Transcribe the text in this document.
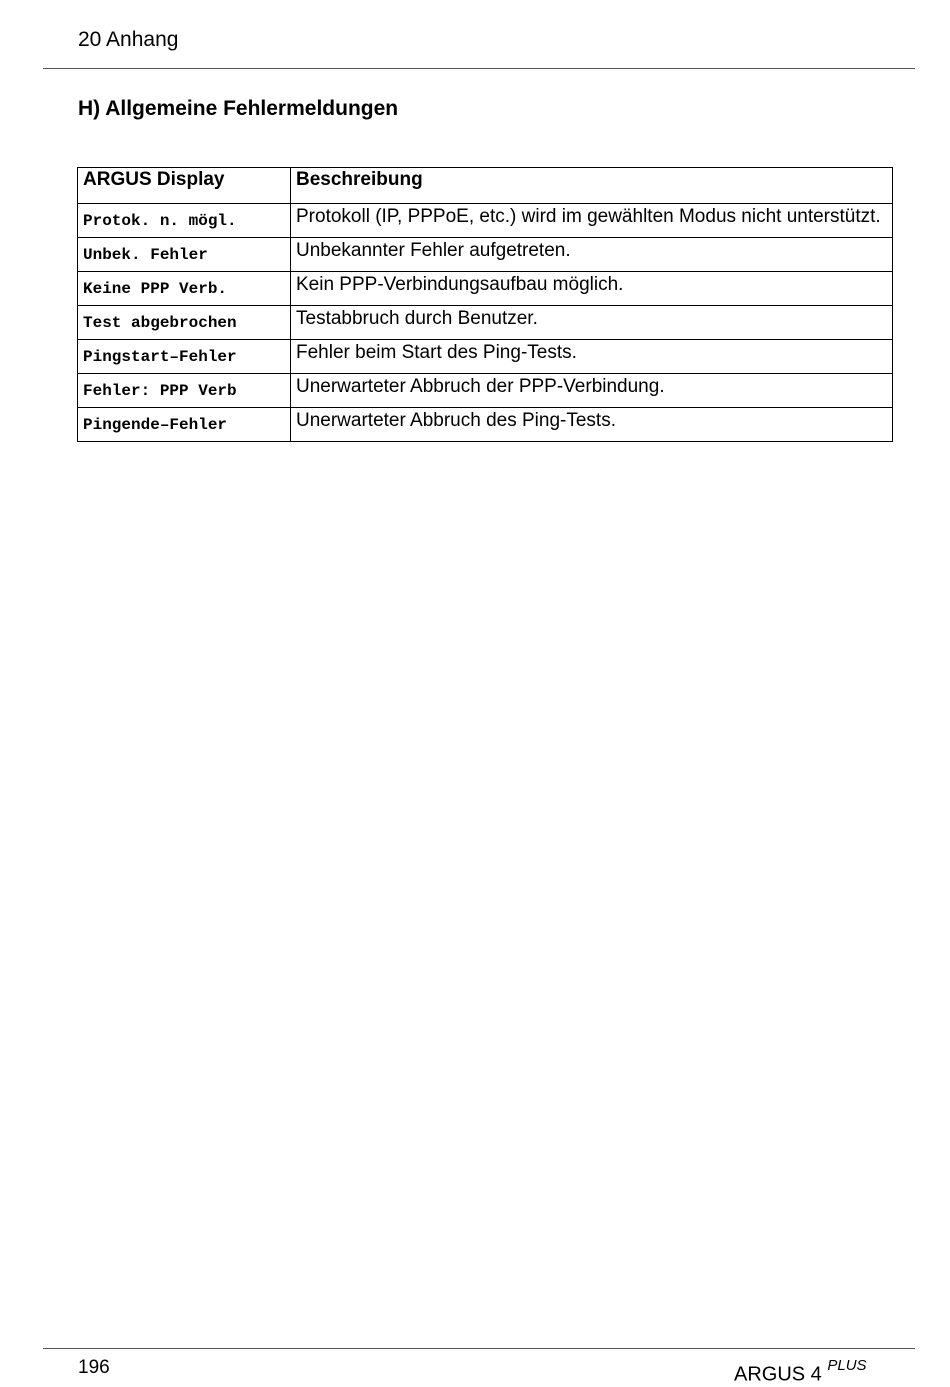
20 Anhang
H) Allgemeine Fehlermeldungen
ARGUS Display	Beschreibung
Protok. n. mögl.	Protokoll (IP, PPPoE, etc.) wird im gewählten Modus nicht unterstützt.
Unbek. Fehler	Unbekannter Fehler aufgetreten.
Keine PPP Verb.	Kein PPP-Verbindungsaufbau möglich.
Test abgebrochen	Testabbruch durch Benutzer.
Pingstart–Fehler	Fehler beim Start des Ping-Tests.
Fehler: PPP Verb	Unerwarteter Abbruch der PPP-Verbindung.
Pingende–Fehler	Unerwarteter Abbruch des Ping-Tests.
196	ARGUS 4 $^{PLUS}$
